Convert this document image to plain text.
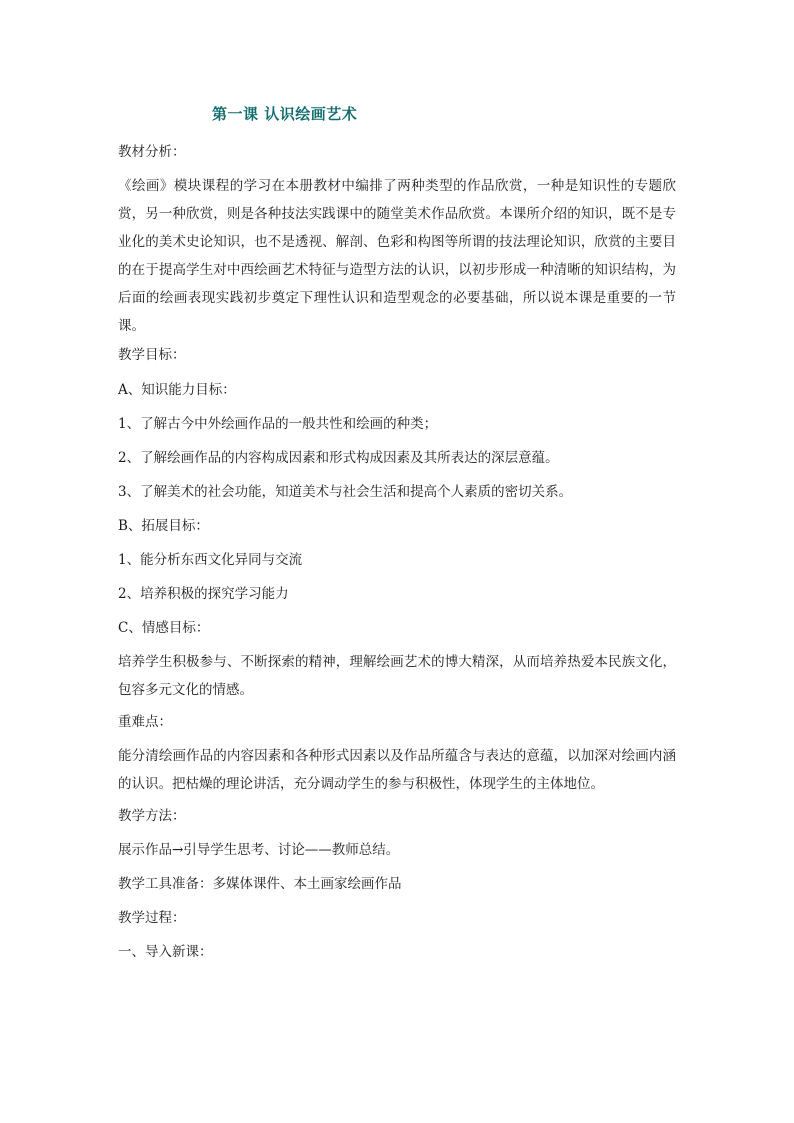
第一课 认识绘画艺术
教材分析：
《绘画》模块课程的学习在本册教材中编排了两种类型的作品欣赏，一种是知识性的专题欣赏，另一种欣赏，则是各种技法实践课中的随堂美术作品欣赏。本课所介绍的知识，既不是专业化的美术史论知识，也不是透视、解剖、色彩和构图等所谓的技法理论知识，欣赏的主要目的在于提高学生对中西绘画艺术特征与造型方法的认识，以初步形成一种清晰的知识结构，为后面的绘画表现实践初步奠定下理性认识和造型观念的必要基础，所以说本课是重要的一节课。
教学目标：
A、知识能力目标：
1、了解古今中外绘画作品的一般共性和绘画的种类；
2、了解绘画作品的内容构成因素和形式构成因素及其所表达的深层意蕴。
3、了解美术的社会功能，知道美术与社会生活和提高个人素质的密切关系。
B、拓展目标：
1、能分析东西文化异同与交流
2、培养积极的探究学习能力
C、情感目标：
培养学生积极参与、不断探索的精神，理解绘画艺术的博大精深，从而培养热爱本民族文化，包容多元文化的情感。
重难点：
能分清绘画作品的内容因素和各种形式因素以及作品所蕴含与表达的意蕴，以加深对绘画内涵的认识。把枯燥的理论讲活，充分调动学生的参与积极性，体现学生的主体地位。
教学方法：
展示作品→引导学生思考、讨论——教师总结。
教学工具准备：多媒体课件、本土画家绘画作品
教学过程：
一、导入新课：
